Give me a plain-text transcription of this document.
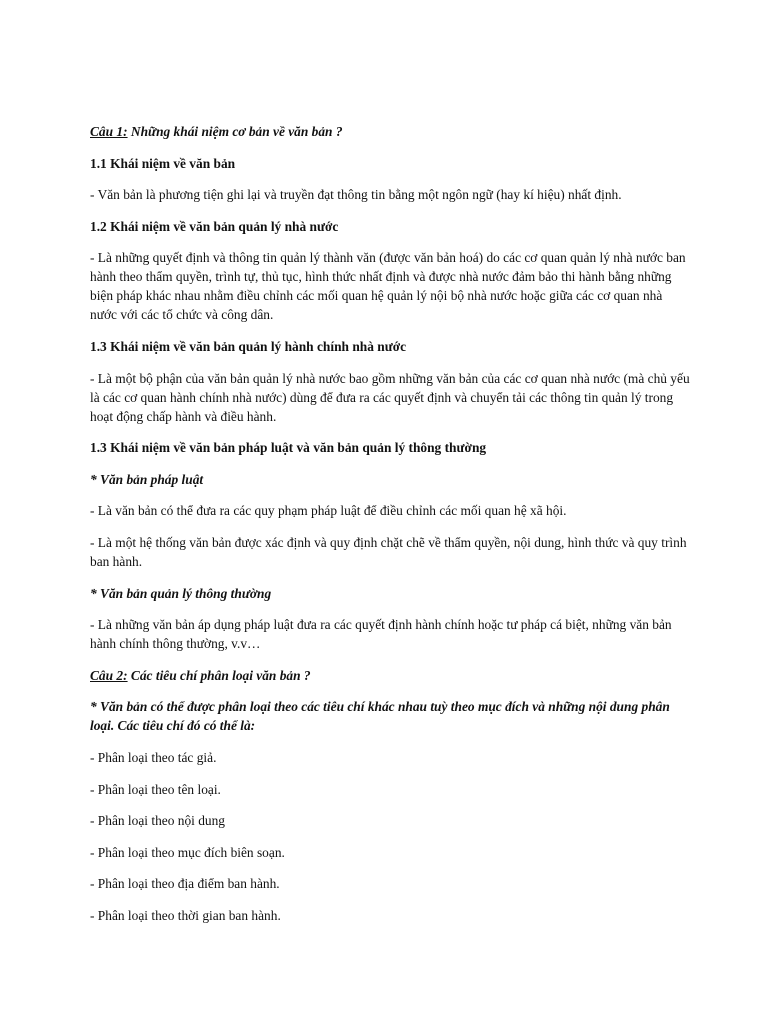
Câu 1: Những khái niệm cơ bản về văn bản ?

1.1 Khái niệm về văn bản

- Văn bản là phương tiện ghi lại và truyền đạt thông tin bằng một ngôn ngữ (hay kí hiệu) nhất định.

1.2 Khái niệm về văn bản quản lý nhà nước

- Là những quyết định và thông tin quản lý thành văn (được văn bản hoá) do các cơ quan quản lý nhà nước ban hành theo thẩm quyền, trình tự, thủ tục, hình thức nhất định và được nhà nước đảm bảo thi hành bằng những biện pháp khác nhau nhằm điều chỉnh các mối quan hệ quản lý nội bộ nhà nước hoặc giữa các cơ quan nhà nước với các tổ chức và công dân.

1.3 Khái niệm về văn bản quản lý hành chính nhà nước

- Là một bộ phận của văn bản quản lý nhà nước bao gồm những văn bản của các cơ quan nhà nước (mà chủ yếu là các cơ quan hành chính nhà nước) dùng để đưa ra các quyết định và chuyển tải các thông tin quản lý trong hoạt động chấp hành và điều hành.

1.3 Khái niệm về văn bản pháp luật và văn bản quản lý thông thường

* Văn bản pháp luật

- Là văn bản có thể đưa ra các quy phạm pháp luật để điều chỉnh các mối quan hệ xã hội.

- Là một hệ thống văn bản được xác định và quy định chặt chẽ về thẩm quyền, nội dung, hình thức và quy trình ban hành.

* Văn bản quản lý thông thường

- Là những văn bản áp dụng pháp luật đưa ra các quyết định hành chính hoặc tư pháp cá biệt, những văn bản hành chính thông thường, v.v…

Câu 2: Các tiêu chí phân loại văn bản ?

* Văn bản có thể được phân loại theo các tiêu chí khác nhau tuỳ theo mục đích và những nội dung phân loại. Các tiêu chí đó có thể là:

- Phân loại theo tác giả.

- Phân loại theo tên loại.

- Phân loại theo nội dung

- Phân loại theo mục đích biên soạn.

- Phân loại theo địa điểm ban hành.

- Phân loại theo thời gian ban hành.
